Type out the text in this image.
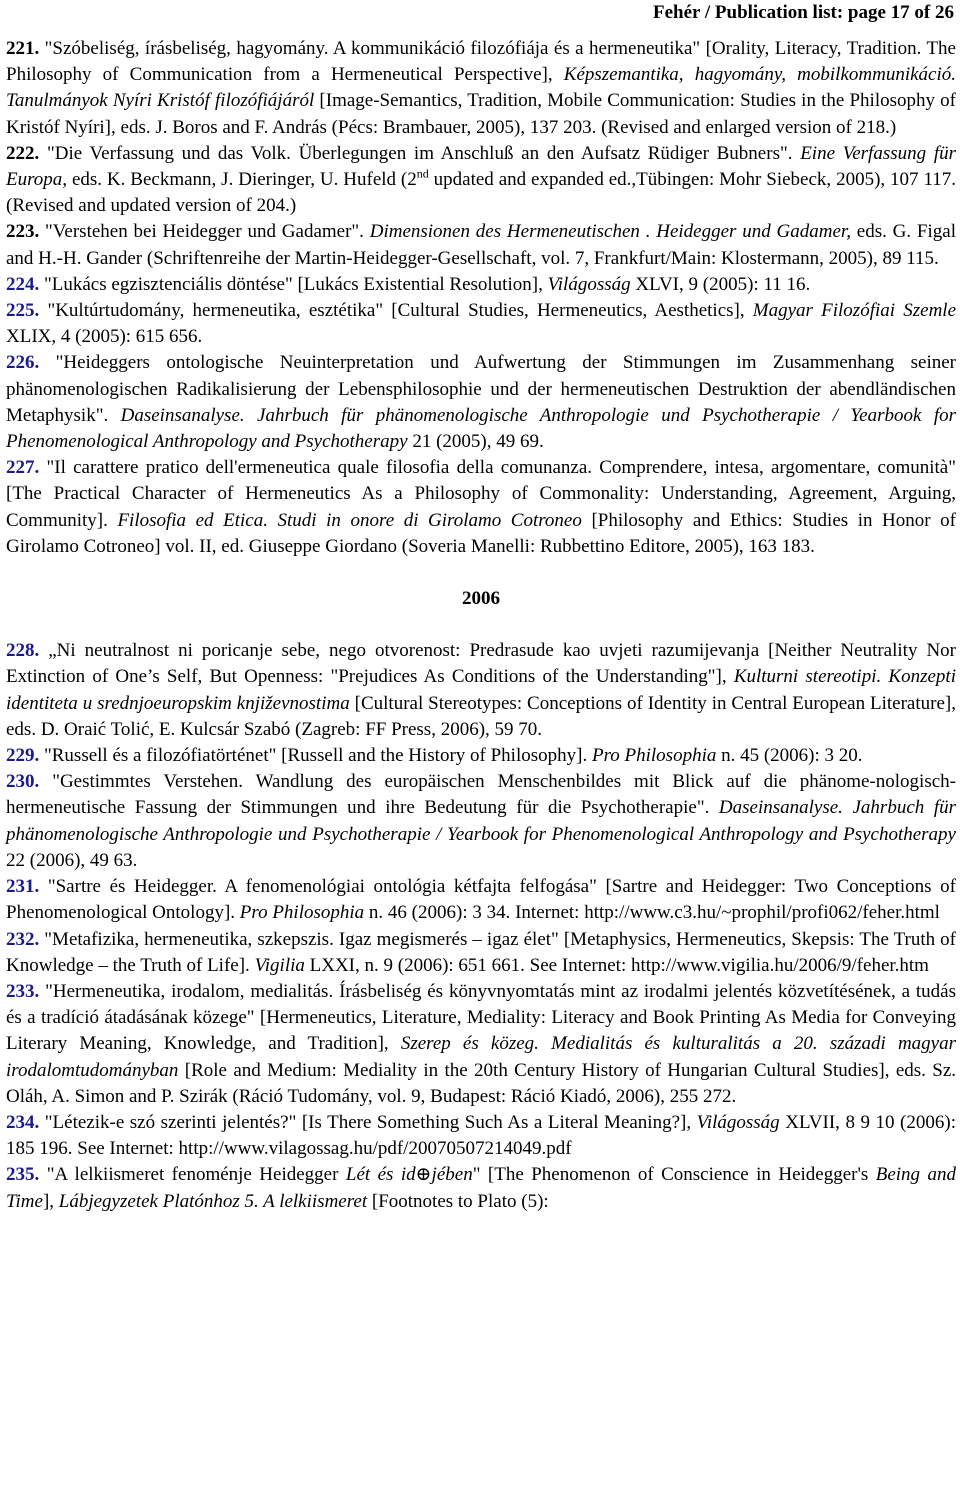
Fehér / Publication list: page 17 of 26

221. "Szóbeliség, írásbeliség, hagyomány. A kommunikáció filozófiája és a hermeneutika" [Orality, Literacy, Tradition. The Philosophy of Communication from a Hermeneutical Perspective], Képszemantika, hagyomány, mobilkommunikáció. Tanulmányok Nyíri Kristóf filozófiájáról [Image-Semantics, Tradition, Mobile Communication: Studies in the Philosophy of Kristóf Nyíri], eds. J. Boros and F. András (Pécs: Brambauer, 2005), 137 203. (Revised and enlarged version of 218.)

222. "Die Verfassung und das Volk. Überlegungen im Anschluß an den Aufsatz Rüdiger Bubners". Eine Verfassung für Europa, eds. K. Beckmann, J. Dieringer, U. Hufeld (2nd updated and expanded ed.,Tübingen: Mohr Siebeck, 2005), 107 117. (Revised and updated version of 204.)

223. "Verstehen bei Heidegger und Gadamer". Dimensionen des Hermeneutischen . Heidegger und Gadamer, eds. G. Figal and H.-H. Gander (Schriftenreihe der Martin-Heidegger-Gesellschaft, vol. 7, Frankfurt/Main: Klostermann, 2005), 89 115.

224. "Lukács egzisztenciális döntése" [Lukács Existential Resolution], Világosság XLVI, 9 (2005): 11 16.

225. "Kultúrtudomány, hermeneutika, esztétika" [Cultural Studies, Hermeneutics, Aesthetics], Magyar Filozófiai Szemle XLIX, 4 (2005): 615 656.

226. "Heideggers ontologische Neuinterpretation und Aufwertung der Stimmungen im Zusammenhang seiner phänomenologischen Radikalisierung der Lebensphilosophie und der hermeneutischen Destruktion der abendländischen Metaphysik". Daseinsanalyse. Jahrbuch für phänomenologische Anthropologie und Psychotherapie / Yearbook for Phenomenological Anthropology and Psychotherapy 21 (2005), 49 69.

227. "Il carattere pratico dell'ermeneutica quale filosofia della comunanza. Comprendere, intesa, argomentare, comunità" [The Practical Character of Hermeneutics As a Philosophy of Commonality: Understanding, Agreement, Arguing, Community]. Filosofia ed Etica. Studi in onore di Girolamo Cotroneo [Philosophy and Ethics: Studies in Honor of Girolamo Cotroneo] vol. II, ed. Giuseppe Giordano (Soveria Manelli: Rubbettino Editore, 2005), 163 183.

2006

228. „Ni neutralnost ni poricanje sebe, nego otvorenost: Predrasude kao uvjeti razumijevanja [Neither Neutrality Nor Extinction of One’s Self, But Openness: "Prejudices As Conditions of the Understanding"], Kulturni stereotipi. Konzepti identiteta u srednjoeuropskim književnostima [Cultural Stereotypes: Conceptions of Identity in Central European Literature], eds. D. Oraić Tolić, E. Kulcsár Szabó (Zagreb: FF Press, 2006), 59 70.

229. "Russell és a filozófiatörténet" [Russell and the History of Philosophy]. Pro Philosophia n. 45 (2006): 3 20.

230. "Gestimmtes Verstehen. Wandlung des europäischen Menschenbildes mit Blick auf die phänome-nologisch-hermeneutische Fassung der Stimmungen und ihre Bedeutung für die Psychotherapie". Daseinsanalyse. Jahrbuch für phänomenologische Anthropologie und Psychotherapie / Yearbook for Phenomenological Anthropology and Psychotherapy 22 (2006), 49 63.

231. "Sartre és Heidegger. A fenomenológiai ontológia kétfajta felfogása" [Sartre and Heidegger: Two Conceptions of Phenomenological Ontology]. Pro Philosophia n. 46 (2006): 3 34. Internet: http://www.c3.hu/~prophil/profi062/feher.html

232. "Metafizika, hermeneutika, szkepszis. Igaz megismerés – igaz élet" [Metaphysics, Hermeneutics, Skepsis: The Truth of Knowledge – the Truth of Life]. Vigilia LXXI, n. 9 (2006): 651 661. See Internet: http://www.vigilia.hu/2006/9/feher.htm

233. "Hermeneutika, irodalom, medialitás. Írásbeliség és könyvnyomtatás mint az irodalmi jelentés közvetítésének, a tudás és a tradíció átadásának közege" [Hermeneutics, Literature, Mediality: Literacy and Book Printing As Media for Conveying Literary Meaning, Knowledge, and Tradition], Szerep és közeg. Medialitás és kulturalitás a 20. századi magyar irodalomtudományban [Role and Medium: Mediality in the 20th Century History of Hungarian Cultural Studies], eds. Sz. Oláh, A. Simon and P. Szirák (Ráció Tudomány, vol. 9, Budapest: Ráció Kiadó, 2006), 255 272.

234. "Létezik-e szó szerinti jelentés?" [Is There Something Such As a Literal Meaning?], Világosság XLVII, 8 9 10 (2006): 185 196. See Internet: http://www.vilagossag.hu/pdf/20070507214049.pdf

235. "A lelkiismeret fenoménje Heidegger Lét és id⊕jében" [The Phenomenon of Conscience in Heidegger's Being and Time], Lábjegyzetek Platónhoz 5. A lelkiismeret [Footnotes to Plato (5):
